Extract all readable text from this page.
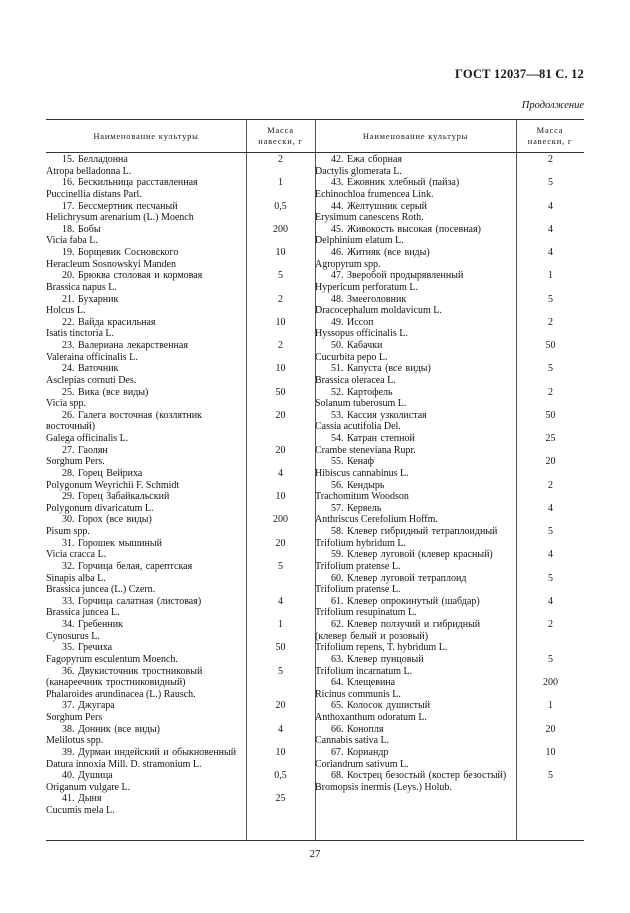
ГОСТ 12037—81 С. 12
Продолжение
Наименование культуры
Масса навески, г
Наименование культуры
Масса навески, г
15. Белладонна
Atropa belladonna L.
2
16. Бескильница расставленная
Puccinellia distans Parl.
1
17. Бессмертник песчаный
Helichrysum arenarium (L.) Moench
0,5
18. Бобы
Vicia faba L.
200
19. Борщевик Сосновского
Heracleum Sosnowskyi Manden
10
20. Брюква столовая и кормовая
Brassica napus L.
5
21. Бухарник
Holcus L.
2
22. Вайда красильная
Isatis tinctoria L.
10
23. Валериана лекарственная
Valeraina officinalis L.
2
24. Ваточник
Asclepias cornuti Des.
10
25. Вика (все виды)
Vicia spp.
50
26. Галега восточная (козлятник восточный)
Galega officinalis L.
20
27. Гаолян
Sorghum Pers.
20
28. Горец Вейриха
Polygonum Weyrichii F. Schmidt
4
29. Горец Забайкальский
Polygonum divaricatum L.
10
30. Горох (все виды)
Pisum spp.
200
31. Горошек мышиный
Vicia cracca L.
20
32. Горчица белая, сарептская
Sinapis alba L.
Brassica juncea (L.) Czern.
5
33. Горчица салатная (листовая)
Brassica juncea L.
4
34. Гребенник
Cynosurus L.
1
35. Гречиха
Fagopyrum esculentum Moench.
50
36. Двукисточник тростниковый (канареечник тростниковидный)
Phalaroides arundinacea (L.) Rausch.
5
37. Джугара
Sorghum Pers
20
38. Донник (все виды)
Melilotus spp.
4
39. Дурман индейский и обыкновенный
Datura innoxia Mill. D. stramonium L.
10
40. Душица
Origanum vulgare L.
0,5
41. Дыня
Cucumis mela L.
25
42. Ежа сборная
Dactylis glomerata L.
2
43. Ежовник хлебный (пайза)
Echinochloa frumencea Link.
5
44. Желтушник серый
Erysimum canescens Roth.
4
45. Живокость высокая (посевная)
Delphinium elatum L.
4
46. Житняк (все виды)
Agropyrum spp.
4
47. Зверобой продырявленный
Hypericum perforatum L.
1
48. Змееголовник
Dracocephalum moldavicum L.
5
49. Иссоп
Hyssopus officinalis L.
2
50. Кабачки
Cucurbita pepo L.
50
51. Капуста (все виды)
Brassica oleracea L.
5
52. Картофель
Solanum tuberosum L.
2
53. Кассия узколистая
Cassia acutifolia Del.
50
54. Катран степной
Crambe steneviana Rupr.
25
55. Кенаф
Hibiscus cannabinus L.
20
56. Кендырь
Trachomitum Woodson
2
57. Кервель
Anthriscus Cerefolium Hoffm.
4
58. Клевер гибридный тетраплоидный
Trifolium hybridum L.
5
59. Клевер луговой (клевер красный)
Trifolium pratense L.
4
60. Клевер луговой тетраплоид
Trifolium pratense L.
5
61. Клевер опрокинутый (шабдар)
Trifolium resupinatum L.
4
62. Клевер ползучий и гибридный (клевер белый и розовый)
Trifolium repens, T. hybridum L.
2
63. Клевер пунцовый
Trifolium incarnatum L.
5
64. Клещевина
Ricinus communis L.
200
65. Колосок душистый
Anthoxanthum odoratum L.
1
66. Конопля
Cannabis sativa L.
20
67. Кориандр
Coriandrum sativum L.
10
68. Кострец безостый (костер безостый)
Bromopsis inermis (Leys.) Holub.
5
27
